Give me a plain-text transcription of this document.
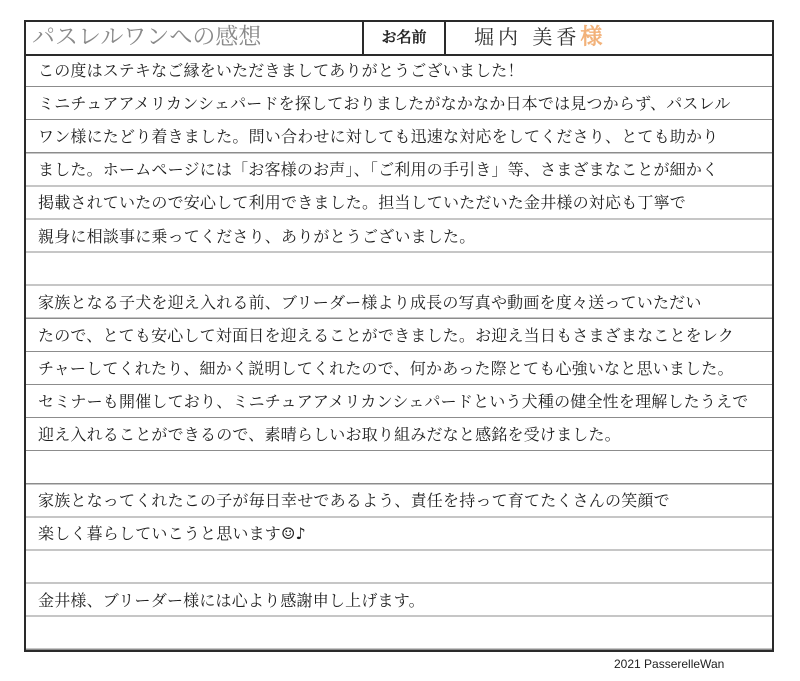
パスレルワンへの感想	お名前	堀内 美香様
この度はステキなご縁をいただきましてありがとうございました！
ミニチュアアメリカンシェパードを探しておりましたがなかなか日本では見つからず、パスレル
ワン様にたどり着きました。問い合わせに対しても迅速な対応をしてくださり、とても助かり
ました。ホームページには「お客様のお声」、「ご利用の手引き」等、さまざまなことが細かく
掲載されていたので安心して利用できました。担当していただいた金井様の対応も丁寧で
親身に相談事に乗ってくださり、ありがとうございました。
家族となる子犬を迎え入れる前、ブリーダー様より成長の写真や動画を度々送っていただい
たので、とても安心して対面日を迎えることができました。お迎え当日もさまざまなことをレク
チャーしてくれたり、細かく説明してくれたので、何かあった際とても心強いなと思いました。
セミナーも開催しており、ミニチュアアメリカンシェパードという犬種の健全性を理解したうえで
迎え入れることができるので、素晴らしいお取り組みだなと感銘を受けました。
家族となってくれたこの子が毎日幸せであるよう、責任を持って育てたくさんの笑顔で
楽しく暮らしていこうと思います☺♪
金井様、ブリーダー様には心より感謝申し上げます。
2021 PasserelleWan
